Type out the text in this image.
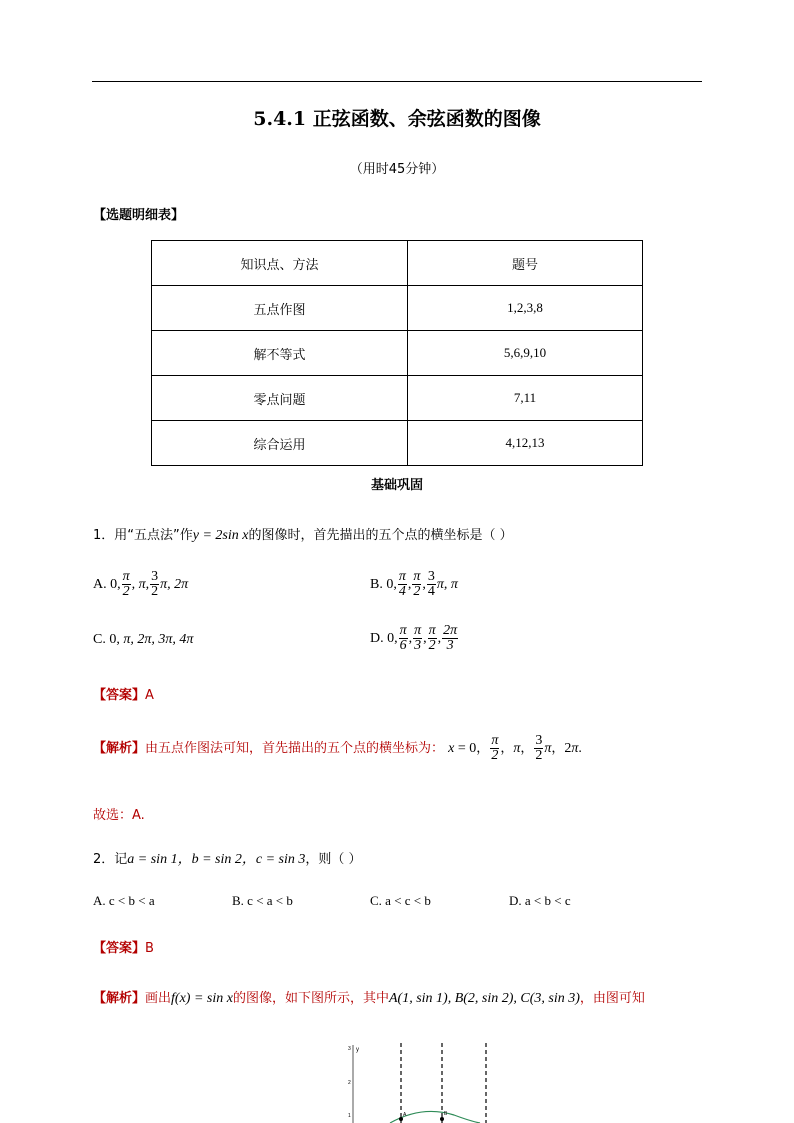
5.4.1 正弦函数、余弦函数的图像
（用时45分钟）
【选题明细表】
知识点、方法	题号
五点作图	1,2,3,8
解不等式	5,6,9,10
零点问题	7,11
综合运用	4,12,13
基础巩固
1．用“五点法”作y = 2sin x的图像时，首先描出的五个点的横坐标是（ ）
A. 0, $\frac{\pi}{2}$ , π, $\frac{3}{2} \pi$, 2π	B. 0, $\frac{\pi}{4}$ , $\frac{\pi}{2}$ , $\frac{3}{4} \pi$, π
C. 0, π, 2π, 3π, 4π	D. 0, $\frac{\pi}{6}$ , $\frac{\pi}{3}$ , $\frac{\pi}{2}$ , $\frac{2\pi}{3}$
【答案】A
【解析】由五点作图法可知，首先描出的五个点的横坐标为： x = 0， $\frac{\pi}{2}$ ，π， $\frac{3}{2}$ π，2π.
故选：A.
2．记a = sin 1，b = sin 2，c = sin 3，则（ ）
A. c < b < a	B. c < a < b	C. a < c < b	D. a < b < c
【答案】B
【解析】画出f(x) = sin x的图像，如下图所示，其中A(1, sin 1), B(2, sin 2), C(3, sin 3)，由图可知
y
3
2
1	A	B
